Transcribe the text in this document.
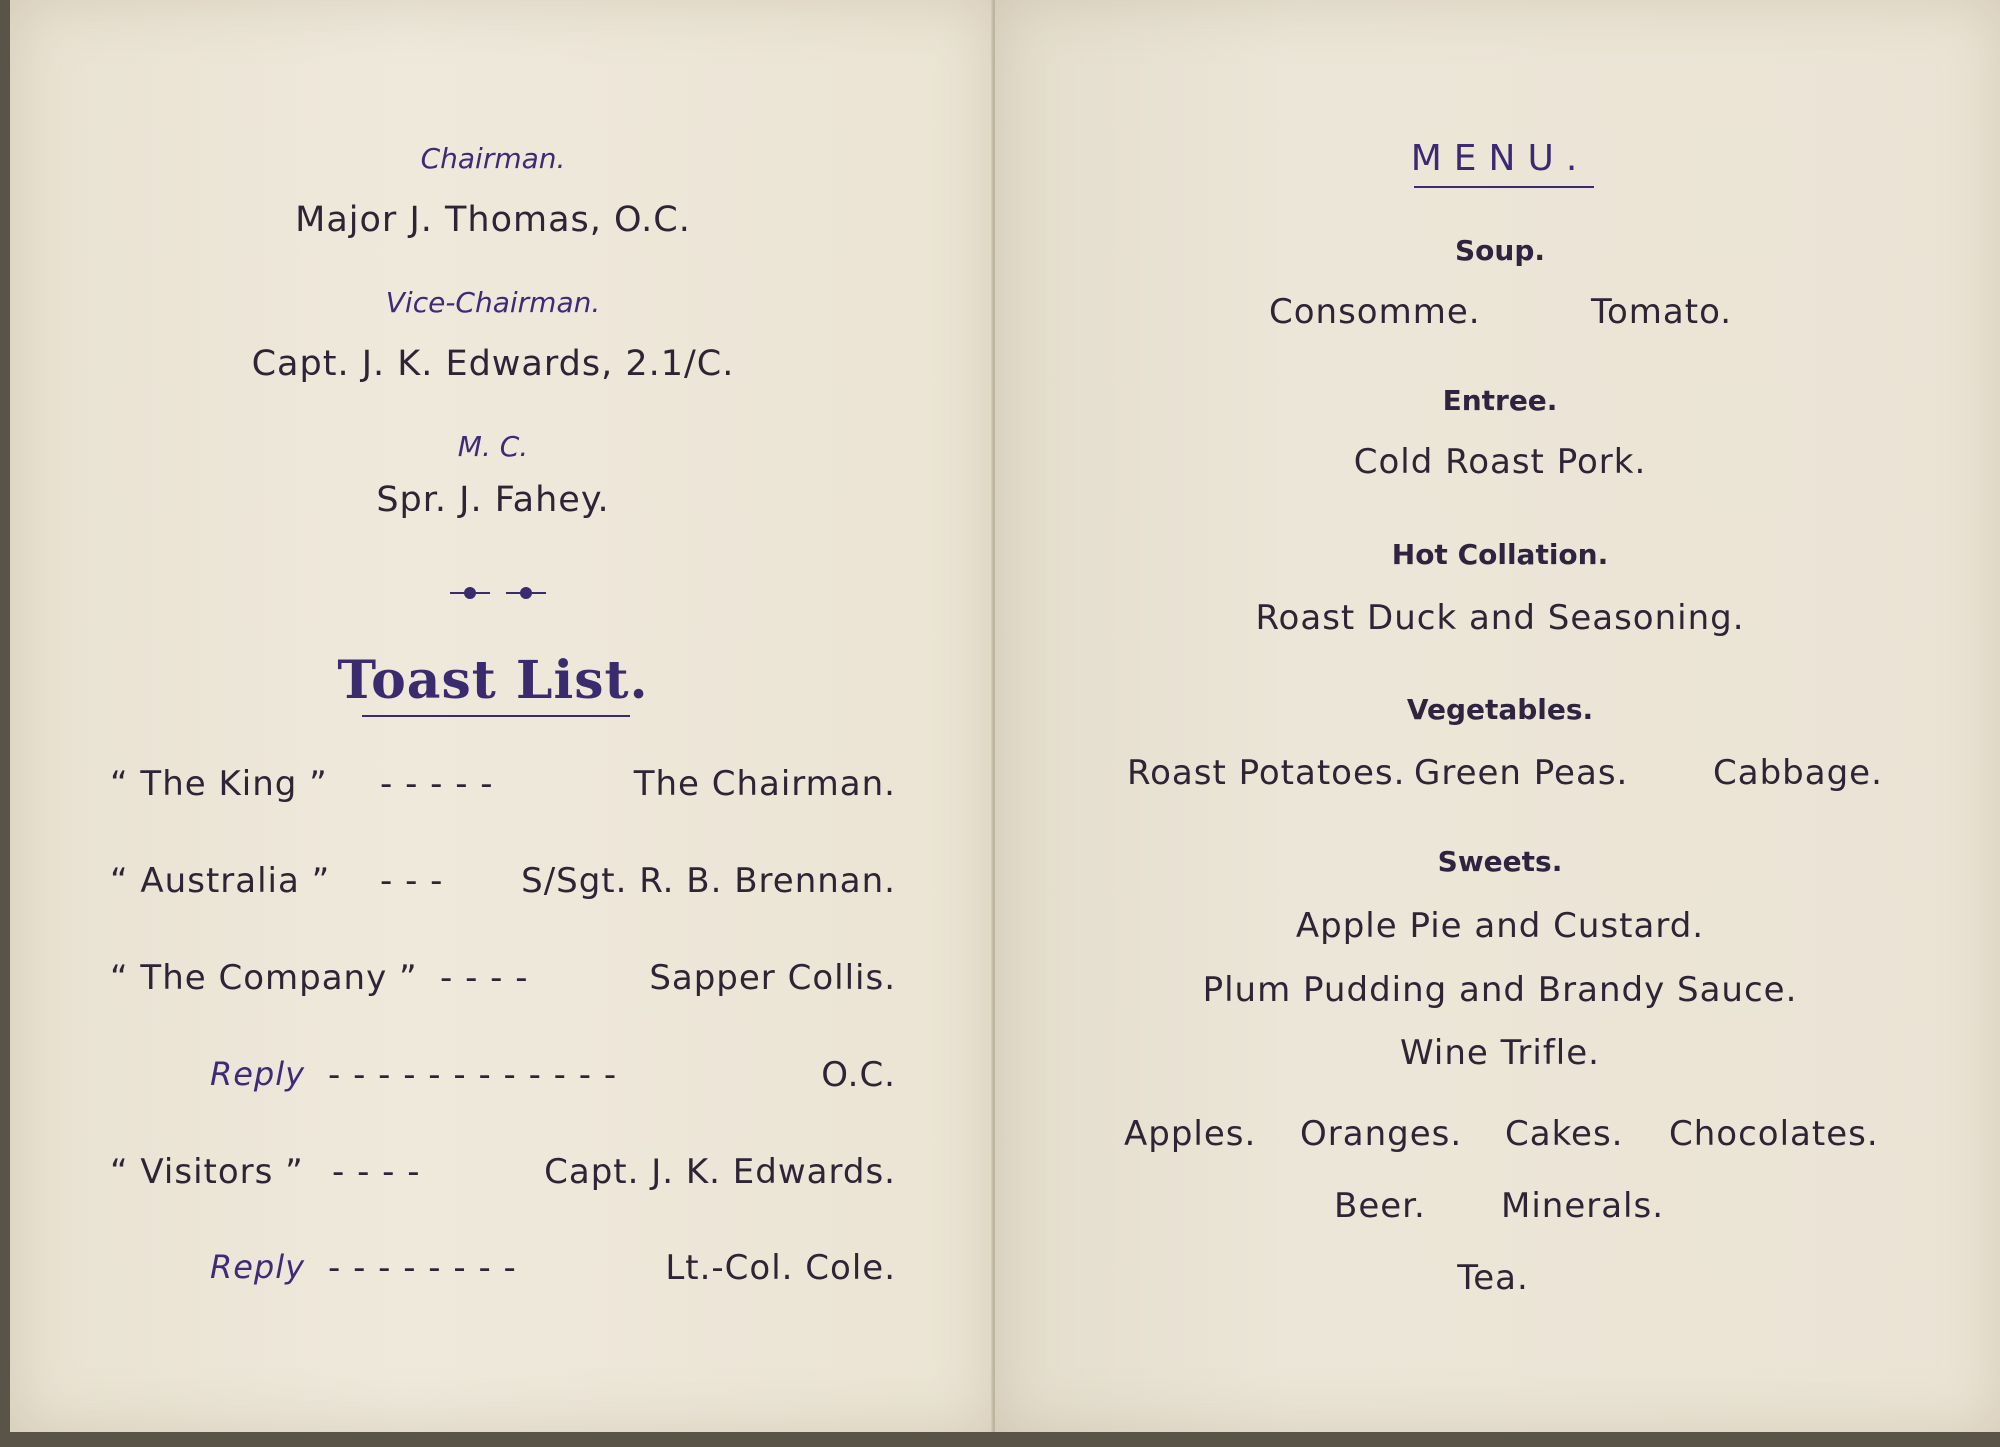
Chairman.
Major J. Thomas, O.C.
Vice-Chairman.
Capt. J. K. Edwards, 2.1/C.
M. C.
Spr. J. Fahey.
Toast List.
“ The King ” - - - - -	The Chairman.
“ Australia ” - - - S/Sgt. R. B. Brennan.
“ The Company ” - - - -	Sapper Collis.
Reply - - - - - - - - - - - -	O.C.
“ Visitors ” - - - -	Capt. J. K. Edwards.
Reply - - - - - - - -	Lt.-Col. Cole.
MENU.
Soup.
Consomme.	Tomato.
Entree.
Cold Roast Pork.
Hot Collation.
Roast Duck and Seasoning.
Vegetables.
Roast Potatoes. Green Peas. Cabbage.
Sweets.
Apple Pie and Custard.
Plum Pudding and Brandy Sauce.
Wine Trifle.
Apples. Oranges. Cakes. Chocolates.
Beer. Minerals.
Tea.
